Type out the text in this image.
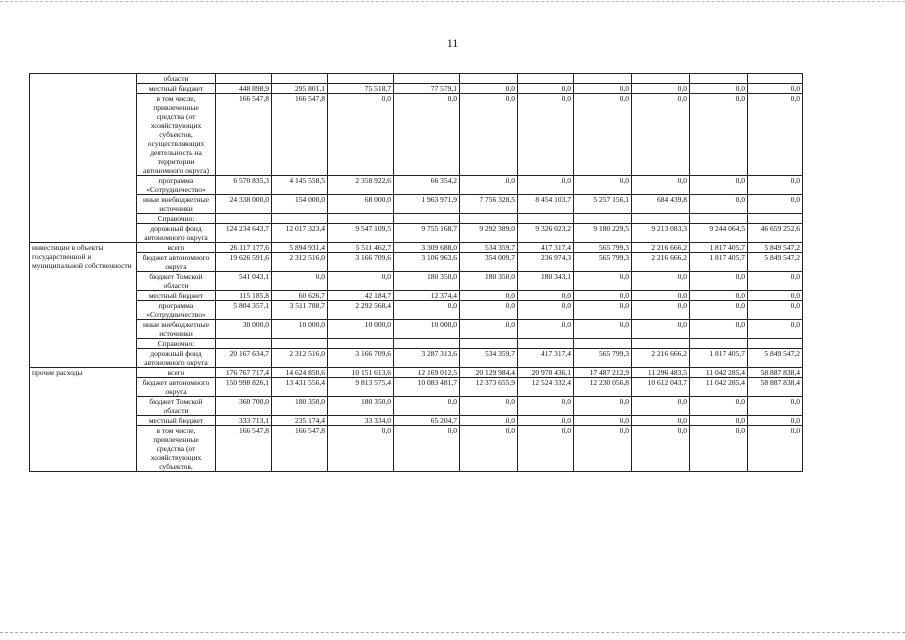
11
	области											
	местный бюджет	448 898,9	295 801,1	75 518,7	77 579,1	0,0	0,0	0,0	0,0	0,0	0,0	
	в том числе, привлеченные средства (от хозяйствующих субъектов, осуществляющих деятельность на территории автономного округа)	166 547,8	166 547,8	0,0	0,0	0,0	0,0	0,0	0,0	0,0	0,0	
	программа «Сотрудничество»	6 570 835,3	4 145 558,5	2 358 922,6	66 354,2	0,0	0,0	0,0	0,0	0,0	0,0	
	иные внебюджетные источники	24 338 000,0	154 000,0	68 000,0	1 963 971,9	7 756 328,5	8 454 103,7	5 257 156,1	684 439,8	0,0	0,0	
	Справочно:											
	дорожный фонд автономного округа	124 234 643,7	12 017 323,4	9 547 109,5	9 755 168,7	9 292 389,0	9 326 023,2	9 180 229,5	9 213 083,3	9 244 064,5	46 659 252,6	
инвестиции в объекты государственной и муниципальной собственности	всего	26 117 177,6	5 894 931,4	5 511 462,7	3 309 688,0	534 359,7	417 317,4	565 799,3	2 216 666,2	1 817 405,7	5 849 547,2	
	бюджет автономного округа	19 626 591,6	2 312 516,0	3 166 709,6	3 106 963,6	354 009,7	236 974,3	565 799,3	2 216 666,2	1 817 405,7	5 849 547,2	
	бюджет Томской области	541 043,1	0,0	0,0	180 350,0	180 350,0	180 343,1	0,0	0,0	0,0	0,0	
	местный бюджет	115 185,8	60 626,7	42 184,7	12 374,4	0,0	0,0	0,0	0,0	0,0	0,0	
	программа «Сотрудничество»	5 804 357,1	3 511 788,7	2 292 568,4	0,0	0,0	0,0	0,0	0,0	0,0	0,0	
	иные внебюджетные источники	30 000,0	10 000,0	10 000,0	10 000,0	0,0	0,0	0,0	0,0	0,0	0,0	
	Справочно:											
	дорожный фонд автономного округа	20 167 634,7	2 312 516,0	3 166 709,6	3 287 313,6	534 359,7	417 317,4	565 799,3	2 216 666,2	1 817 405,7	5 849 547,2	
прочие расходы	всего	176 767 717,4	14 624 850,6	10 151 613,6	12 169 012,5	20 129 984,4	20 978 436,1	17 487 212,9	11 296 483,5	11 042 285,4	58 887 838,4	
	бюджет автономного округа	150 998 826,1	13 431 556,4	9 813 575,4	10 083 481,7	12 373 655,9	12 524 332,4	12 230 056,8	10 612 043,7	11 042 285,4	58 887 838,4	
	бюджет Томской области	360 700,0	180 350,0	180 350,0	0,0	0,0	0,0	0,0	0,0	0,0	0,0	
	местный бюджет	333 713,1	235 174,4	33 334,0	65 204,7	0,0	0,0	0,0	0,0	0,0	0,0	
	в том числе, привлеченные средства (от хозяйствующих субъектов,	166 547,8	166 547,8	0,0	0,0	0,0	0,0	0,0	0,0	0,0	0,0	
